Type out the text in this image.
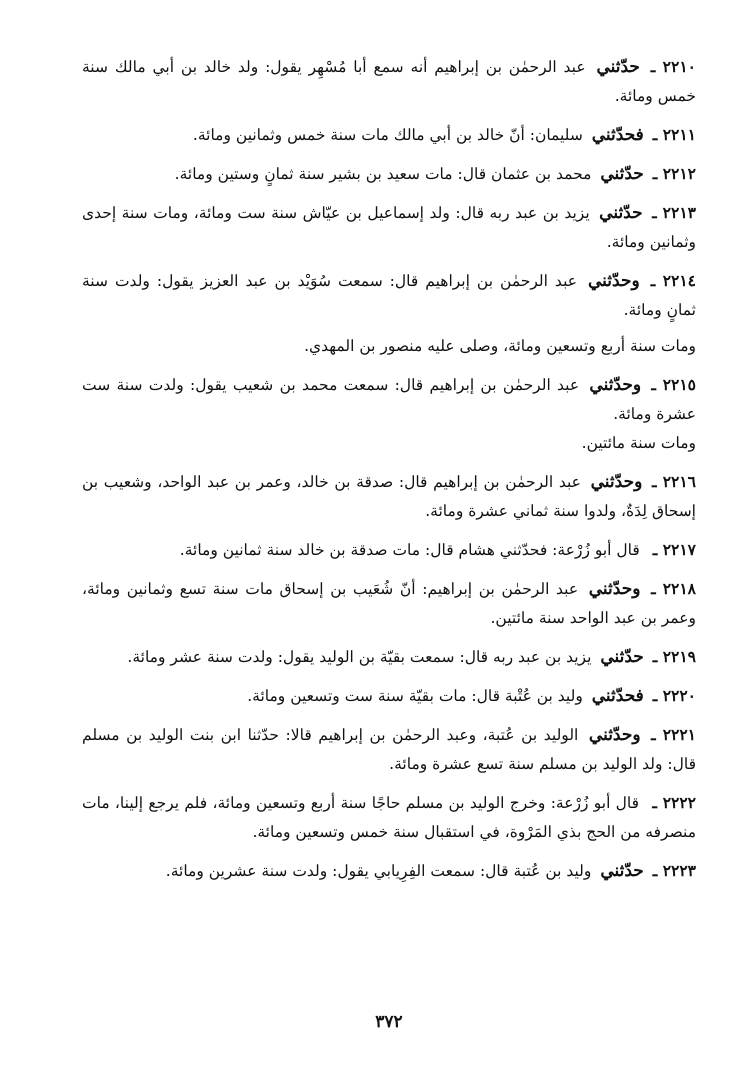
٢٢١٠ ـ حدّثني عبد الرحمٰن بن إبراهيم أنه سمع أبا مُسْهِر يقول: ولد خالد بن أبي مالك سنة خمس ومائة.

٢٢١١ ـ فحدّثني سليمان: أنّ خالد بن أبي مالك مات سنة خمس وثمانين ومائة.

٢٢١٢ ـ حدّثني محمد بن عثمان قال: مات سعيد بن بشير سنة ثمانٍ وستين ومائة.

٢٢١٣ ـ حدّثني يزيد بن عبد ربه قال: ولد إسماعيل بن عيّاش سنة ست ومائة، ومات سنة إحدى وثمانين ومائة.

٢٢١٤ ـ وحدّثني عبد الرحمٰن بن إبراهيم قال: سمعت سُوَيْد بن عبد العزيز يقول: ولدت سنة ثمانٍ ومائة.

ومات سنة أربع وتسعين ومائة، وصلى عليه منصور بن المهدي.

٢٢١٥ ـ وحدّثني عبد الرحمٰن بن إبراهيم قال: سمعت محمد بن شعيب يقول: ولدت سنة ست عشرة ومائة.

ومات سنة مائتين.

٢٢١٦ ـ وحدّثني عبد الرحمٰن بن إبراهيم قال: صدقة بن خالد، وعمر بن عبد الواحد، وشعيب بن إسحاق لِدَةٌ، ولدوا سنة ثماني عشرة ومائة.

٢٢١٧ ـ قال أبو زُرْعة: فحدّثني هشام قال: مات صدقة بن خالد سنة ثمانين ومائة.

٢٢١٨ ـ وحدّثني عبد الرحمٰن بن إبراهيم: أنّ شُعَيب بن إسحاق مات سنة تسع وثمانين ومائة، وعمر بن عبد الواحد سنة مائتين.

٢٢١٩ ـ حدّثني يزيد بن عبد ربه قال: سمعت بقيّة بن الوليد يقول: ولدت سنة عشر ومائة.

٢٢٢٠ ـ فحدّثني وليد بن عُتْبة قال: مات بقيّة سنة ست وتسعين ومائة.

٢٢٢١ ـ وحدّثني الوليد بن عُتبة، وعبد الرحمٰن بن إبراهيم قالا: حدّثنا ابن بنت الوليد بن مسلم قال: ولد الوليد بن مسلم سنة تسع عشرة ومائة.

٢٢٢٢ ـ قال أبو زُرْعة: وخرج الوليد بن مسلم حاجًا سنة أربع وتسعين ومائة، فلم يرجع إلينا، مات منصرفه من الحج بذي المَرْوة، في استقبال سنة خمس وتسعين ومائة.

٢٢٢٣ ـ حدّثني وليد بن عُتبة قال: سمعت الفِرِيابي يقول: ولدت سنة عشرين ومائة.

٣٧٢
